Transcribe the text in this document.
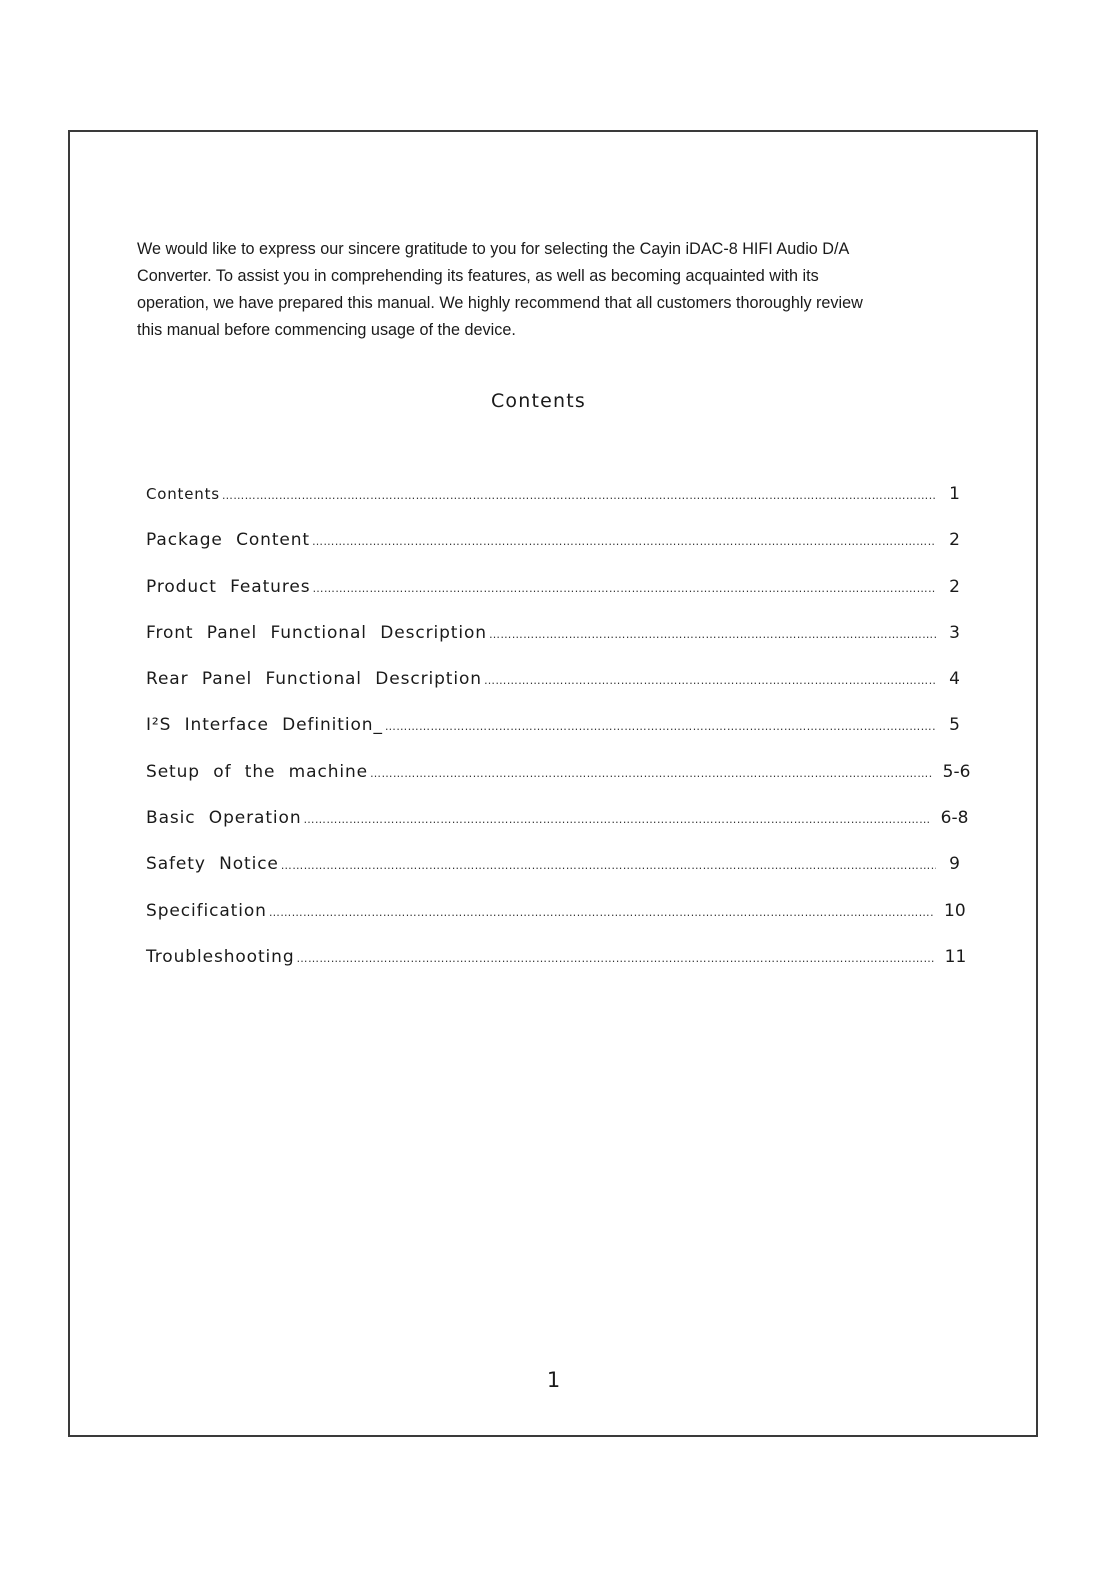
We would like to express our sincere gratitude to you for selecting the Cayin iDAC-8 HIFI Audio D/A
Converter. To assist you in comprehending its features, as well as becoming acquainted with its
operation, we have prepared this manual. We highly recommend that all customers thoroughly review
this manual before commencing usage of the device.

Contents
Contents …………………………………………………………………………………………………………………………………………………………………………………………………………………	1
Package Content …………………………………………………………………………………………………………………………………………………………………………………………………………………	2
Product Features …………………………………………………………………………………………………………………………………………………………………………………………………………………	2
Front Panel Functional Description …………………………………………………………………………………………………………………………………………………………………………………………………………………	3
Rear Panel Functional Description …………………………………………………………………………………………………………………………………………………………………………………………………………………	4
I²S Interface Definition_ …………………………………………………………………………………………………………………………………………………………………………………………………………………	5
Setup of the machine …………………………………………………………………………………………………………………………………………………………………………………………………………………	5-6
Basic Operation …………………………………………………………………………………………………………………………………………………………………………………………………………………	6-8
Safety Notice …………………………………………………………………………………………………………………………………………………………………………………………………………………	9
Specification …………………………………………………………………………………………………………………………………………………………………………………………………………………	10
Troubleshooting …………………………………………………………………………………………………………………………………………………………………………………………………………………	11
1
